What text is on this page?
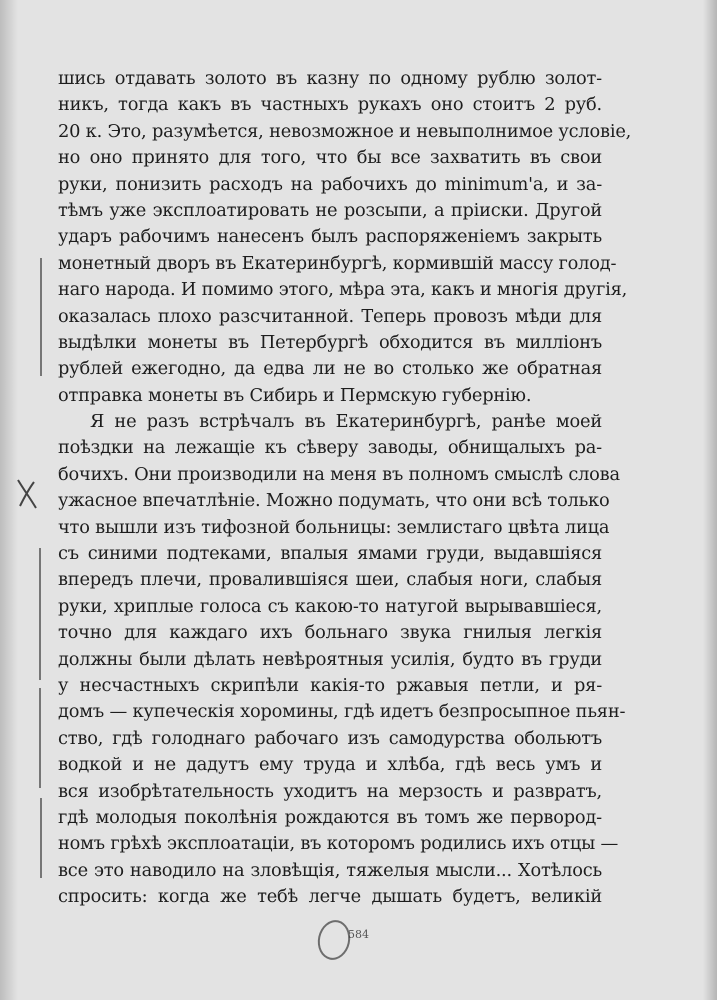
шись отдавать золото въ казну по одному рублю золот-
никъ, тогда какъ въ частныхъ рукахъ оно стоитъ 2 руб.
20 к. Это, разумѣется, невозможное и невыполнимое условіе,
но оно принято для того, что бы все захватить въ свои
руки, понизить расходъ на рабочихъ до minimum'a, и за-
тѣмъ уже эксплоатировать не розсыпи, а пріиски. Другой
ударъ рабочимъ нанесенъ былъ распоряженіемъ закрыть
монетный дворъ въ Екатеринбургѣ, кормившій массу голод-
наго народа. И помимо этого, мѣра эта, какъ и многія другія,
оказалась плохо разсчитанной. Теперь провозъ мѣди для
выдѣлки монеты въ Петербургѣ обходится въ милліонъ
рублей ежегодно, да едва ли не во столько же обратная
отправка монеты въ Сибирь и Пермскую губернію.
Я не разъ встрѣчалъ въ Екатеринбургѣ, ранѣе моей
поѣздки на лежащіе къ сѣверу заводы, обнищалыхъ ра-
бочихъ. Они производили на меня въ полномъ смыслѣ слова
ужасное впечатлѣніе. Можно подумать, что они всѣ только
что вышли изъ тифозной больницы: землистаго цвѣта лица
съ синими подтеками, впалыя ямами груди, выдавшіяся
впередъ плечи, провалившіяся шеи, слабыя ноги, слабыя
руки, хриплые голоса съ какою-то натугой вырывавшіеся,
точно для каждаго ихъ больнаго звука гнилыя легкія
должны были дѣлать невѣроятныя усилія, будто въ груди
у несчастныхъ скрипѣли какія-то ржавыя петли, и ря-
домъ — купеческія хоромины, гдѣ идетъ безпросыпное пьян-
ство, гдѣ голоднаго рабочаго изъ самодурства обольютъ
водкой и не дадутъ ему труда и хлѣба, гдѣ весь умъ и
вся изобрѣтательность уходитъ на мерзость и развратъ,
гдѣ молодыя поколѣнія рождаются въ томъ же первород-
номъ грѣхѣ эксплоатаціи, въ которомъ родились ихъ отцы —
все это наводило на зловѣщія, тяжелыя мысли... Хотѣлось
спросить: когда же тебѣ легче дышать будетъ, великій
584
